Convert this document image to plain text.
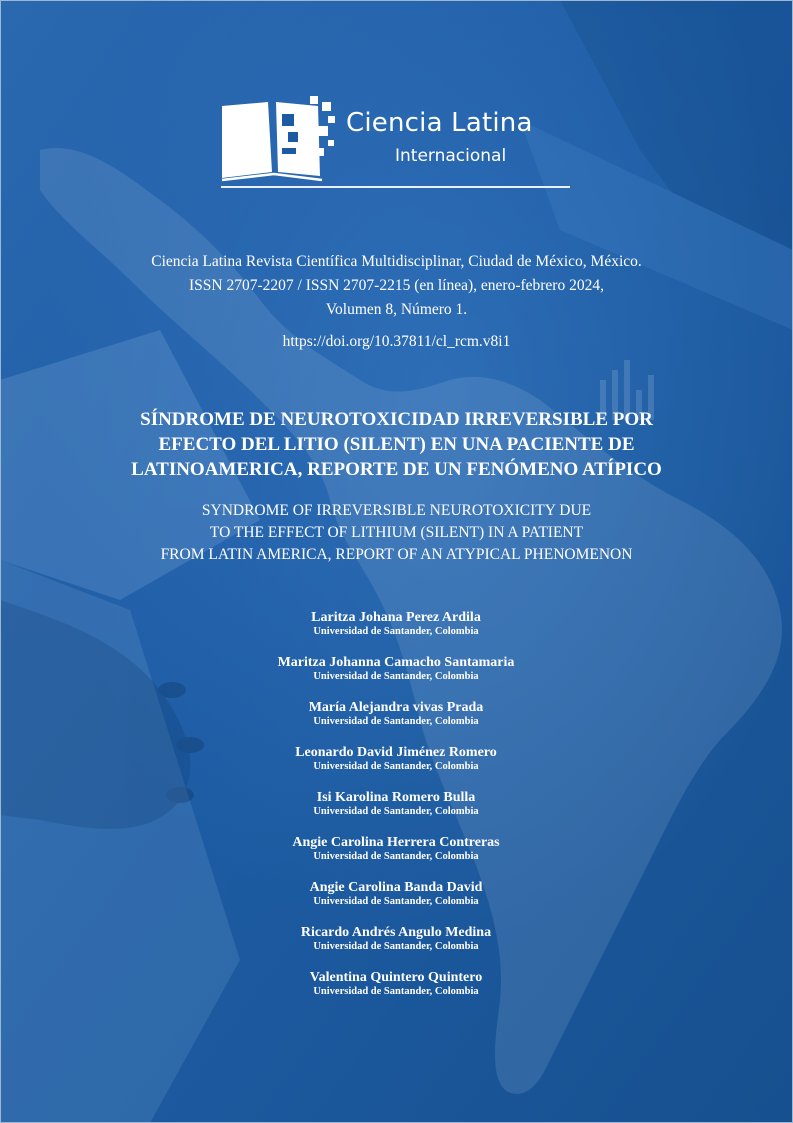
Ciencia Latina
Internacional
Ciencia Latina Revista Científica Multidisciplinar, Ciudad de México, México.
ISSN 2707-2207 / ISSN 2707-2215 (en línea), enero-febrero 2024,
Volumen 8, Número 1.
https://doi.org/10.37811/cl_rcm.v8i1
SÍNDROME DE NEUROTOXICIDAD IRREVERSIBLE POR
EFECTO DEL LITIO (SILENT) EN UNA PACIENTE DE
LATINOAMERICA, REPORTE DE UN FENÓMENO ATÍPICO
SYNDROME OF IRREVERSIBLE NEUROTOXICITY DUE
TO THE EFFECT OF LITHIUM (SILENT) IN A PATIENT
FROM LATIN AMERICA, REPORT OF AN ATYPICAL PHENOMENON
Laritza Johana Perez Ardila
Universidad de Santander, Colombia
Maritza Johanna Camacho Santamaria
Universidad de Santander, Colombia
María Alejandra vivas Prada
Universidad de Santander, Colombia
Leonardo David Jiménez Romero
Universidad de Santander, Colombia
Isi Karolina Romero Bulla
Universidad de Santander, Colombia
Angie Carolina Herrera Contreras
Universidad de Santander, Colombia
Angie Carolina Banda David
Universidad de Santander, Colombia
Ricardo Andrés Angulo Medina
Universidad de Santander, Colombia
Valentina Quintero Quintero
Universidad de Santander, Colombia
